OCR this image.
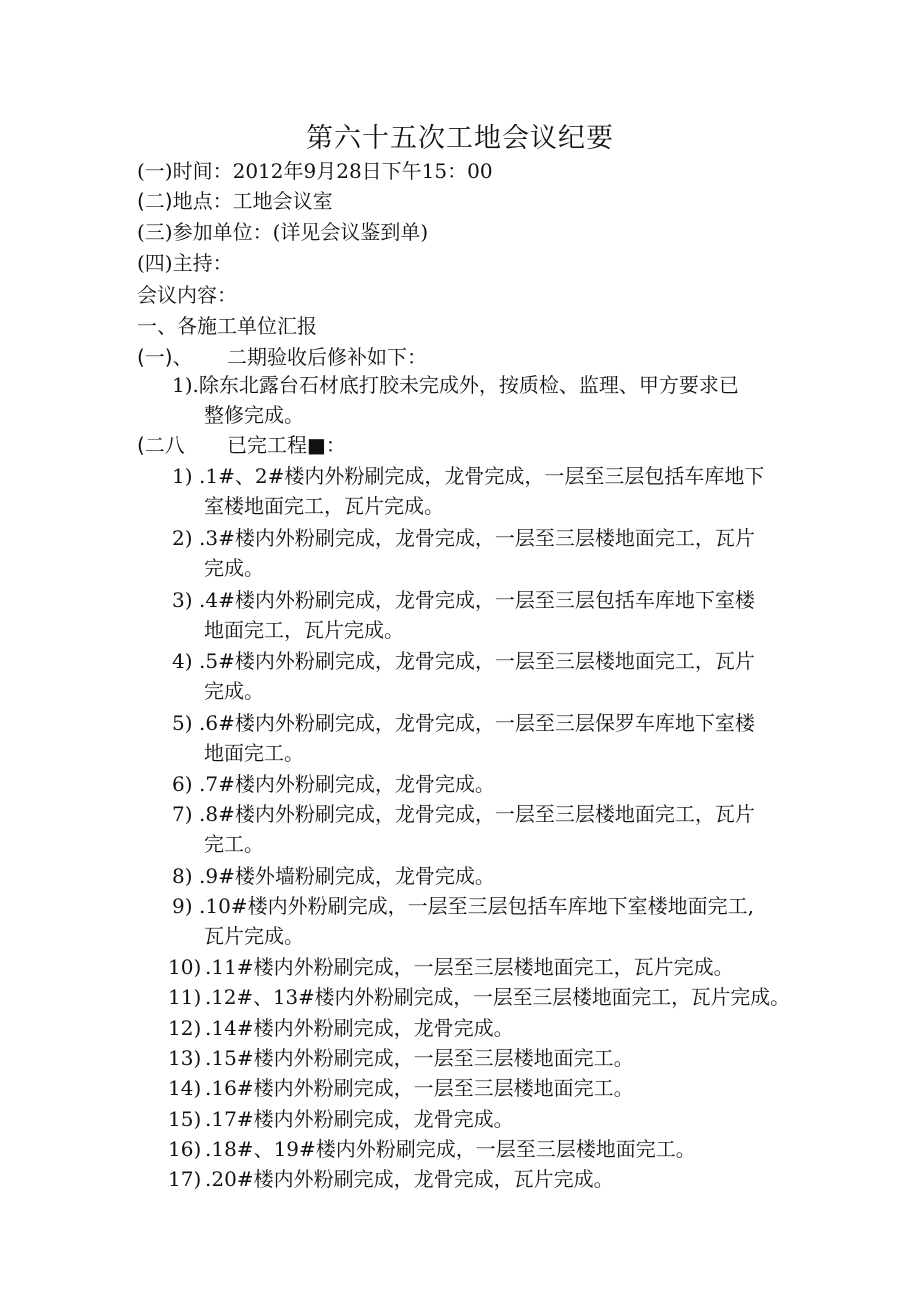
第六十五次工地会议纪要
(一)时间：2012年9月28日下午15：00
(二)地点：工地会议室
(三)参加单位：(详见会议鉴到单)
(四)主持：
会议内容：
一、各施工单位汇报
(一)、 二期验收后修补如下：
1).除东北露台石材底打胶未完成外，按质检、监理、甲方要求已
整修完成。
(二八 已完工程■：
1) .1#、2#楼内外粉刷完成，龙骨完成，一层至三层包括车库地下
室楼地面完工，瓦片完成。
2) .3#楼内外粉刷完成，龙骨完成，一层至三层楼地面完工，瓦片
完成。
3) .4#楼内外粉刷完成，龙骨完成，一层至三层包括车库地下室楼
地面完工，瓦片完成。
4) .5#楼内外粉刷完成，龙骨完成，一层至三层楼地面完工，瓦片
完成。
5) .6#楼内外粉刷完成，龙骨完成，一层至三层保罗车库地下室楼
地面完工。
6) .7#楼内外粉刷完成，龙骨完成。
7) .8#楼内外粉刷完成，龙骨完成，一层至三层楼地面完工，瓦片
完工。
8) .9#楼外墙粉刷完成，龙骨完成。
9) .10#楼内外粉刷完成，一层至三层包括车库地下室楼地面完工,
瓦片完成。
10) .11#楼内外粉刷完成，一层至三层楼地面完工，瓦片完成。
11) .12#、13#楼内外粉刷完成，一层至三层楼地面完工，瓦片完成。
12) .14#楼内外粉刷完成，龙骨完成。
13) .15#楼内外粉刷完成，一层至三层楼地面完工。
14) .16#楼内外粉刷完成，一层至三层楼地面完工。
15) .17#楼内外粉刷完成，龙骨完成。
16) .18#、19#楼内外粉刷完成，一层至三层楼地面完工。
17) .20#楼内外粉刷完成，龙骨完成，瓦片完成。
